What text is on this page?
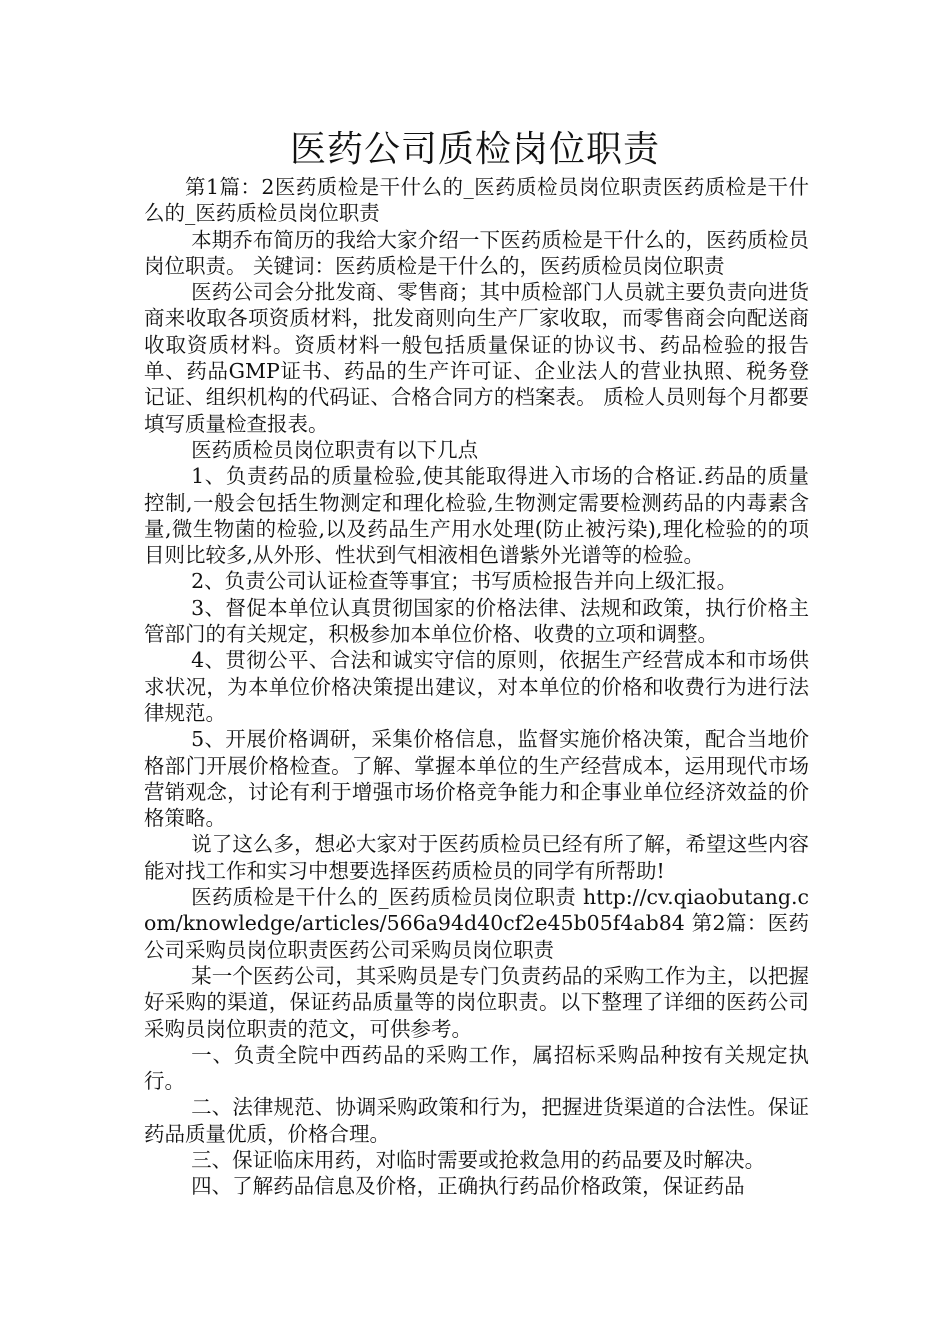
医药公司质检岗位职责

第1篇：2医药质检是干什么的_医药质检员岗位职责医药质检是干什么的_医药质检员岗位职责

本期乔布简历的我给大家介绍一下医药质检是干什么的，医药质检员岗位职责。 关键词：医药质检是干什么的，医药质检员岗位职责

医药公司会分批发商、零售商；其中质检部门人员就主要负责向进货商来收取各项资质材料，批发商则向生产厂家收取，而零售商会向配送商收取资质材料。资质材料一般包括质量保证的协议书、药品检验的报告单、药品GMP证书、药品的生产许可证、企业法人的营业执照、税务登记证、组织机构的代码证、合格合同方的档案表。 质检人员则每个月都要填写质量检查报表。

医药质检员岗位职责有以下几点

1、负责药品的质量检验,使其能取得进入市场的合格证.药品的质量控制,一般会包括生物测定和理化检验,生物测定需要检测药品的内毒素含量,微生物菌的检验,以及药品生产用水处理(防止被污染),理化检验的的项目则比较多,从外形、性状到气相液相色谱紫外光谱等的检验。

2、负责公司认证检查等事宜；书写质检报告并向上级汇报。

3、督促本单位认真贯彻国家的价格法律、法规和政策，执行价格主管部门的有关规定，积极参加本单位价格、收费的立项和调整。

4、贯彻公平、合法和诚实守信的原则，依据生产经营成本和市场供求状况，为本单位价格决策提出建议，对本单位的价格和收费行为进行法律规范。

5、开展价格调研，采集价格信息，监督实施价格决策，配合当地价格部门开展价格检查。了解、掌握本单位的生产经营成本，运用现代市场营销观念，讨论有利于增强市场价格竞争能力和企事业单位经济效益的价格策略。

说了这么多，想必大家对于医药质检员已经有所了解，希望这些内容能对找工作和实习中想要选择医药质检员的同学有所帮助!

医药质检是干什么的_医药质检员岗位职责 http://cv.qiaobutang.com/knowledge/articles/566a94d40cf2e45b05f4ab84 第2篇：医药公司采购员岗位职责医药公司采购员岗位职责

某一个医药公司，其采购员是专门负责药品的采购工作为主，以把握好采购的渠道，保证药品质量等的岗位职责。以下整理了详细的医药公司采购员岗位职责的范文，可供参考。

一、负责全院中西药品的采购工作，属招标采购品种按有关规定执行。

二、法律规范、协调采购政策和行为，把握进货渠道的合法性。保证药品质量优质，价格合理。

三、保证临床用药，对临时需要或抢救急用的药品要及时解决。

四、了解药品信息及价格，正确执行药品价格政策，保证药品
